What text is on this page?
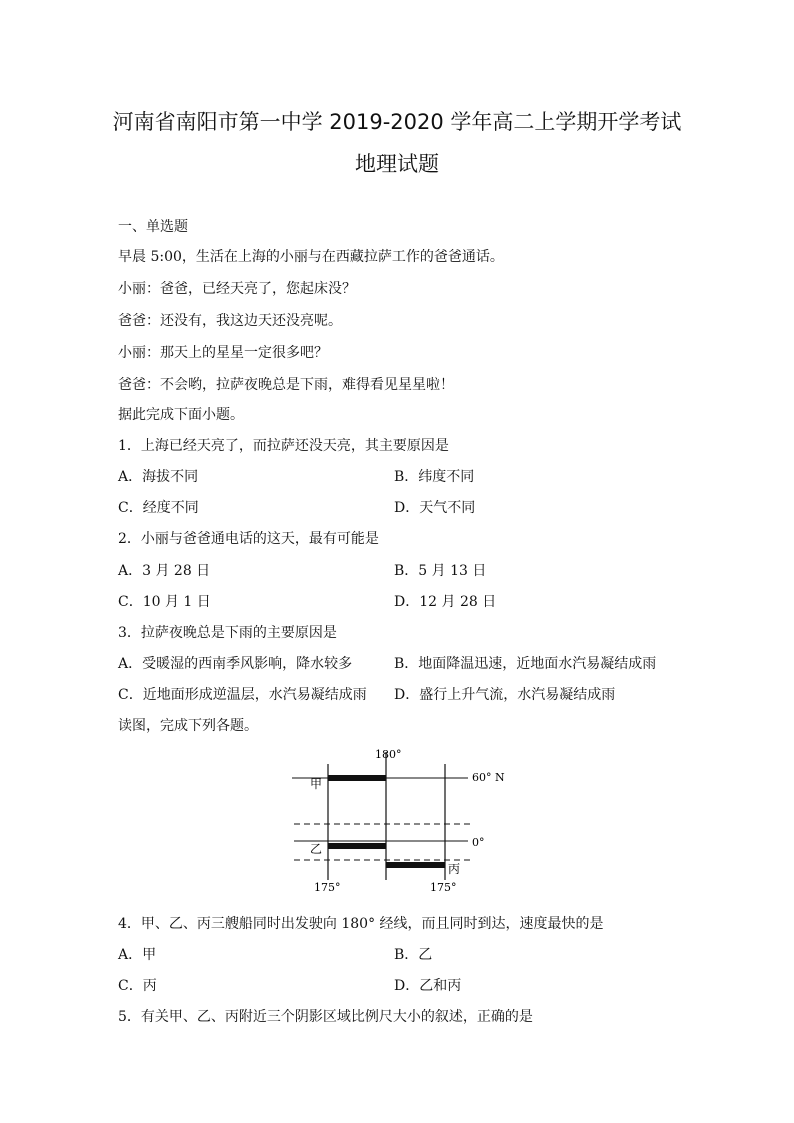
河南省南阳市第一中学 2019-2020 学年高二上学期开学考试
地理试题
一、单选题
早晨 5:00，生活在上海的小丽与在西藏拉萨工作的爸爸通话。
小丽：爸爸，已经天亮了，您起床没？
爸爸：还没有，我这边天还没亮呢。
小丽：那天上的星星一定很多吧？
爸爸：不会哟，拉萨夜晚总是下雨，难得看见星星啦！
据此完成下面小题。
1．上海已经天亮了，而拉萨还没天亮，其主要原因是
A．海拔不同	B．纬度不同
C．经度不同	D．天气不同
2．小丽与爸爸通电话的这天，最有可能是
A．3 月 28 日	B．5 月 13 日
C．10 月 1 日	D．12 月 28 日
3．拉萨夜晚总是下雨的主要原因是
A．受暖湿的西南季风影响，降水较多	B．地面降温迅速，近地面水汽易凝结成雨
C．近地面形成逆温层，水汽易凝结成雨 D．盛行上升气流，水汽易凝结成雨
读图，完成下列各题。
180°
60° N
0°
甲
乙
丙
175°	175°
4．甲、乙、丙三艘船同时出发驶向 180° 经线，而且同时到达，速度最快的是
A．甲	B．乙
C．丙	D．乙和丙
5．有关甲、乙、丙附近三个阴影区域比例尺大小的叙述，正确的是
